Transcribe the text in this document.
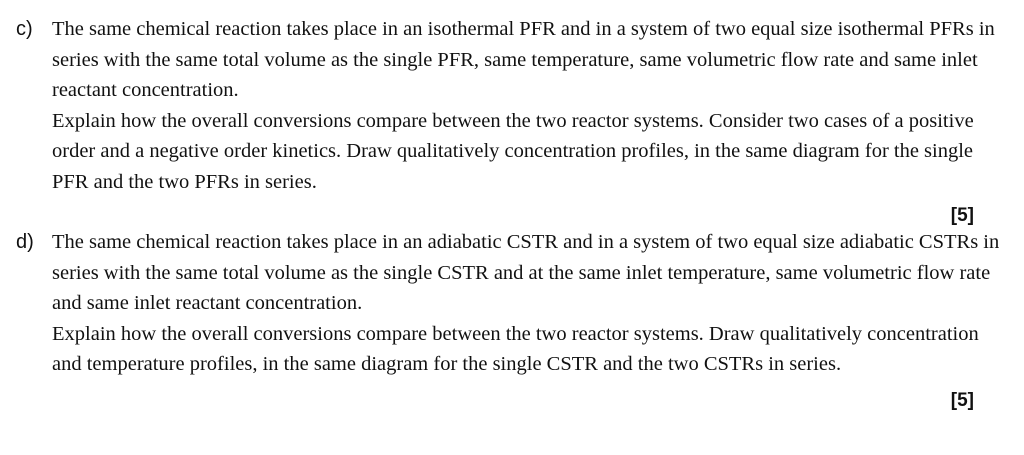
c) The same chemical reaction takes place in an isothermal PFR and in a system of two equal size isothermal PFRs in series with the same total volume as the single PFR, same temperature, same volumetric flow rate and same inlet reactant concentration.

Explain how the overall conversions compare between the two reactor systems. Consider two cases of a positive order and a negative order kinetics. Draw qualitatively concentration profiles, in the same diagram for the single PFR and the two PFRs in series.

[5]
d) The same chemical reaction takes place in an adiabatic CSTR and in a system of two equal size adiabatic CSTRs in series with the same total volume as the single CSTR and at the same inlet temperature, same volumetric flow rate and same inlet reactant concentration.

Explain how the overall conversions compare between the two reactor systems. Draw qualitatively concentration and temperature profiles, in the same diagram for the single CSTR and the two CSTRs in series.

[5]
